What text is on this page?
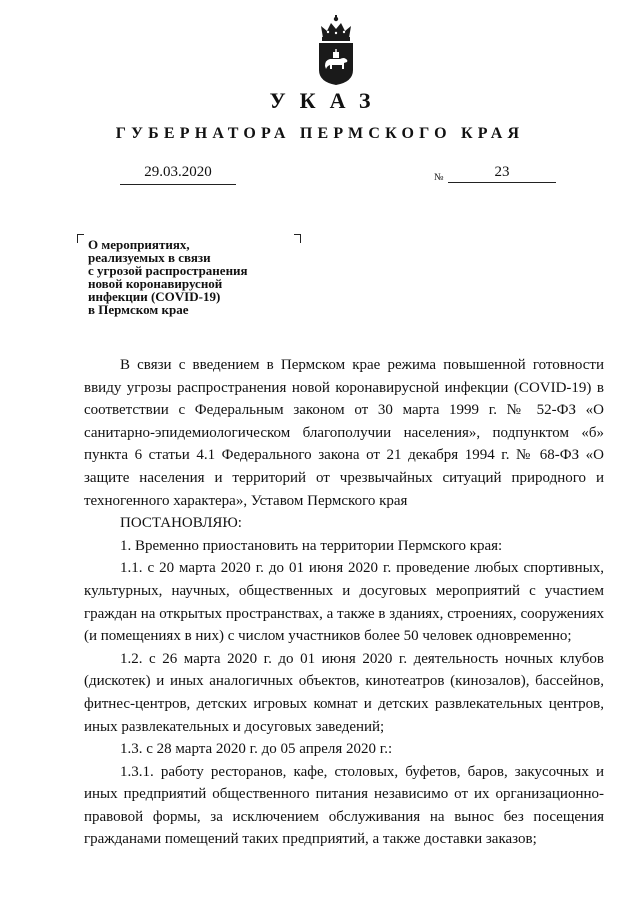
УКАЗ
ГУБЕРНАТОРА ПЕРМСКОГО КРАЯ
29.03.2020	№	23
О мероприятиях,
реализуемых в связи
с угрозой распространения
новой коронавирусной
инфекции (COVID-19)
в Пермском крае

В связи с введением в Пермском крае режима повышенной готовности ввиду угрозы распространения новой коронавирусной инфекции (COVID-19) в соответствии с Федеральным законом от 30 марта 1999 г. № 52-ФЗ «О санитарно-эпидемиологическом благополучии населения», подпунктом «б» пункта 6 статьи 4.1 Федерального закона от 21 декабря 1994 г. № 68-ФЗ «О защите населения и территорий от чрезвычайных ситуаций природного и техногенного характера», Уставом Пермского края

ПОСТАНОВЛЯЮ:

1. Временно приостановить на территории Пермского края:

1.1. с 20 марта 2020 г. до 01 июня 2020 г. проведение любых спортивных, культурных, научных, общественных и досуговых мероприятий с участием граждан на открытых пространствах, а также в зданиях, строениях, сооружениях (и помещениях в них) с числом участников более 50 человек одновременно;

1.2. с 26 марта 2020 г. до 01 июня 2020 г. деятельность ночных клубов (дискотек) и иных аналогичных объектов, кинотеатров (кинозалов), бассейнов, фитнес-центров, детских игровых комнат и детских развлекательных центров, иных развлекательных и досуговых заведений;

1.3. с 28 марта 2020 г. до 05 апреля 2020 г.:

1.3.1. работу ресторанов, кафе, столовых, буфетов, баров, закусочных и иных предприятий общественного питания независимо от их организационно-правовой формы, за исключением обслуживания на вынос без посещения гражданами помещений таких предприятий, а также доставки заказов;
